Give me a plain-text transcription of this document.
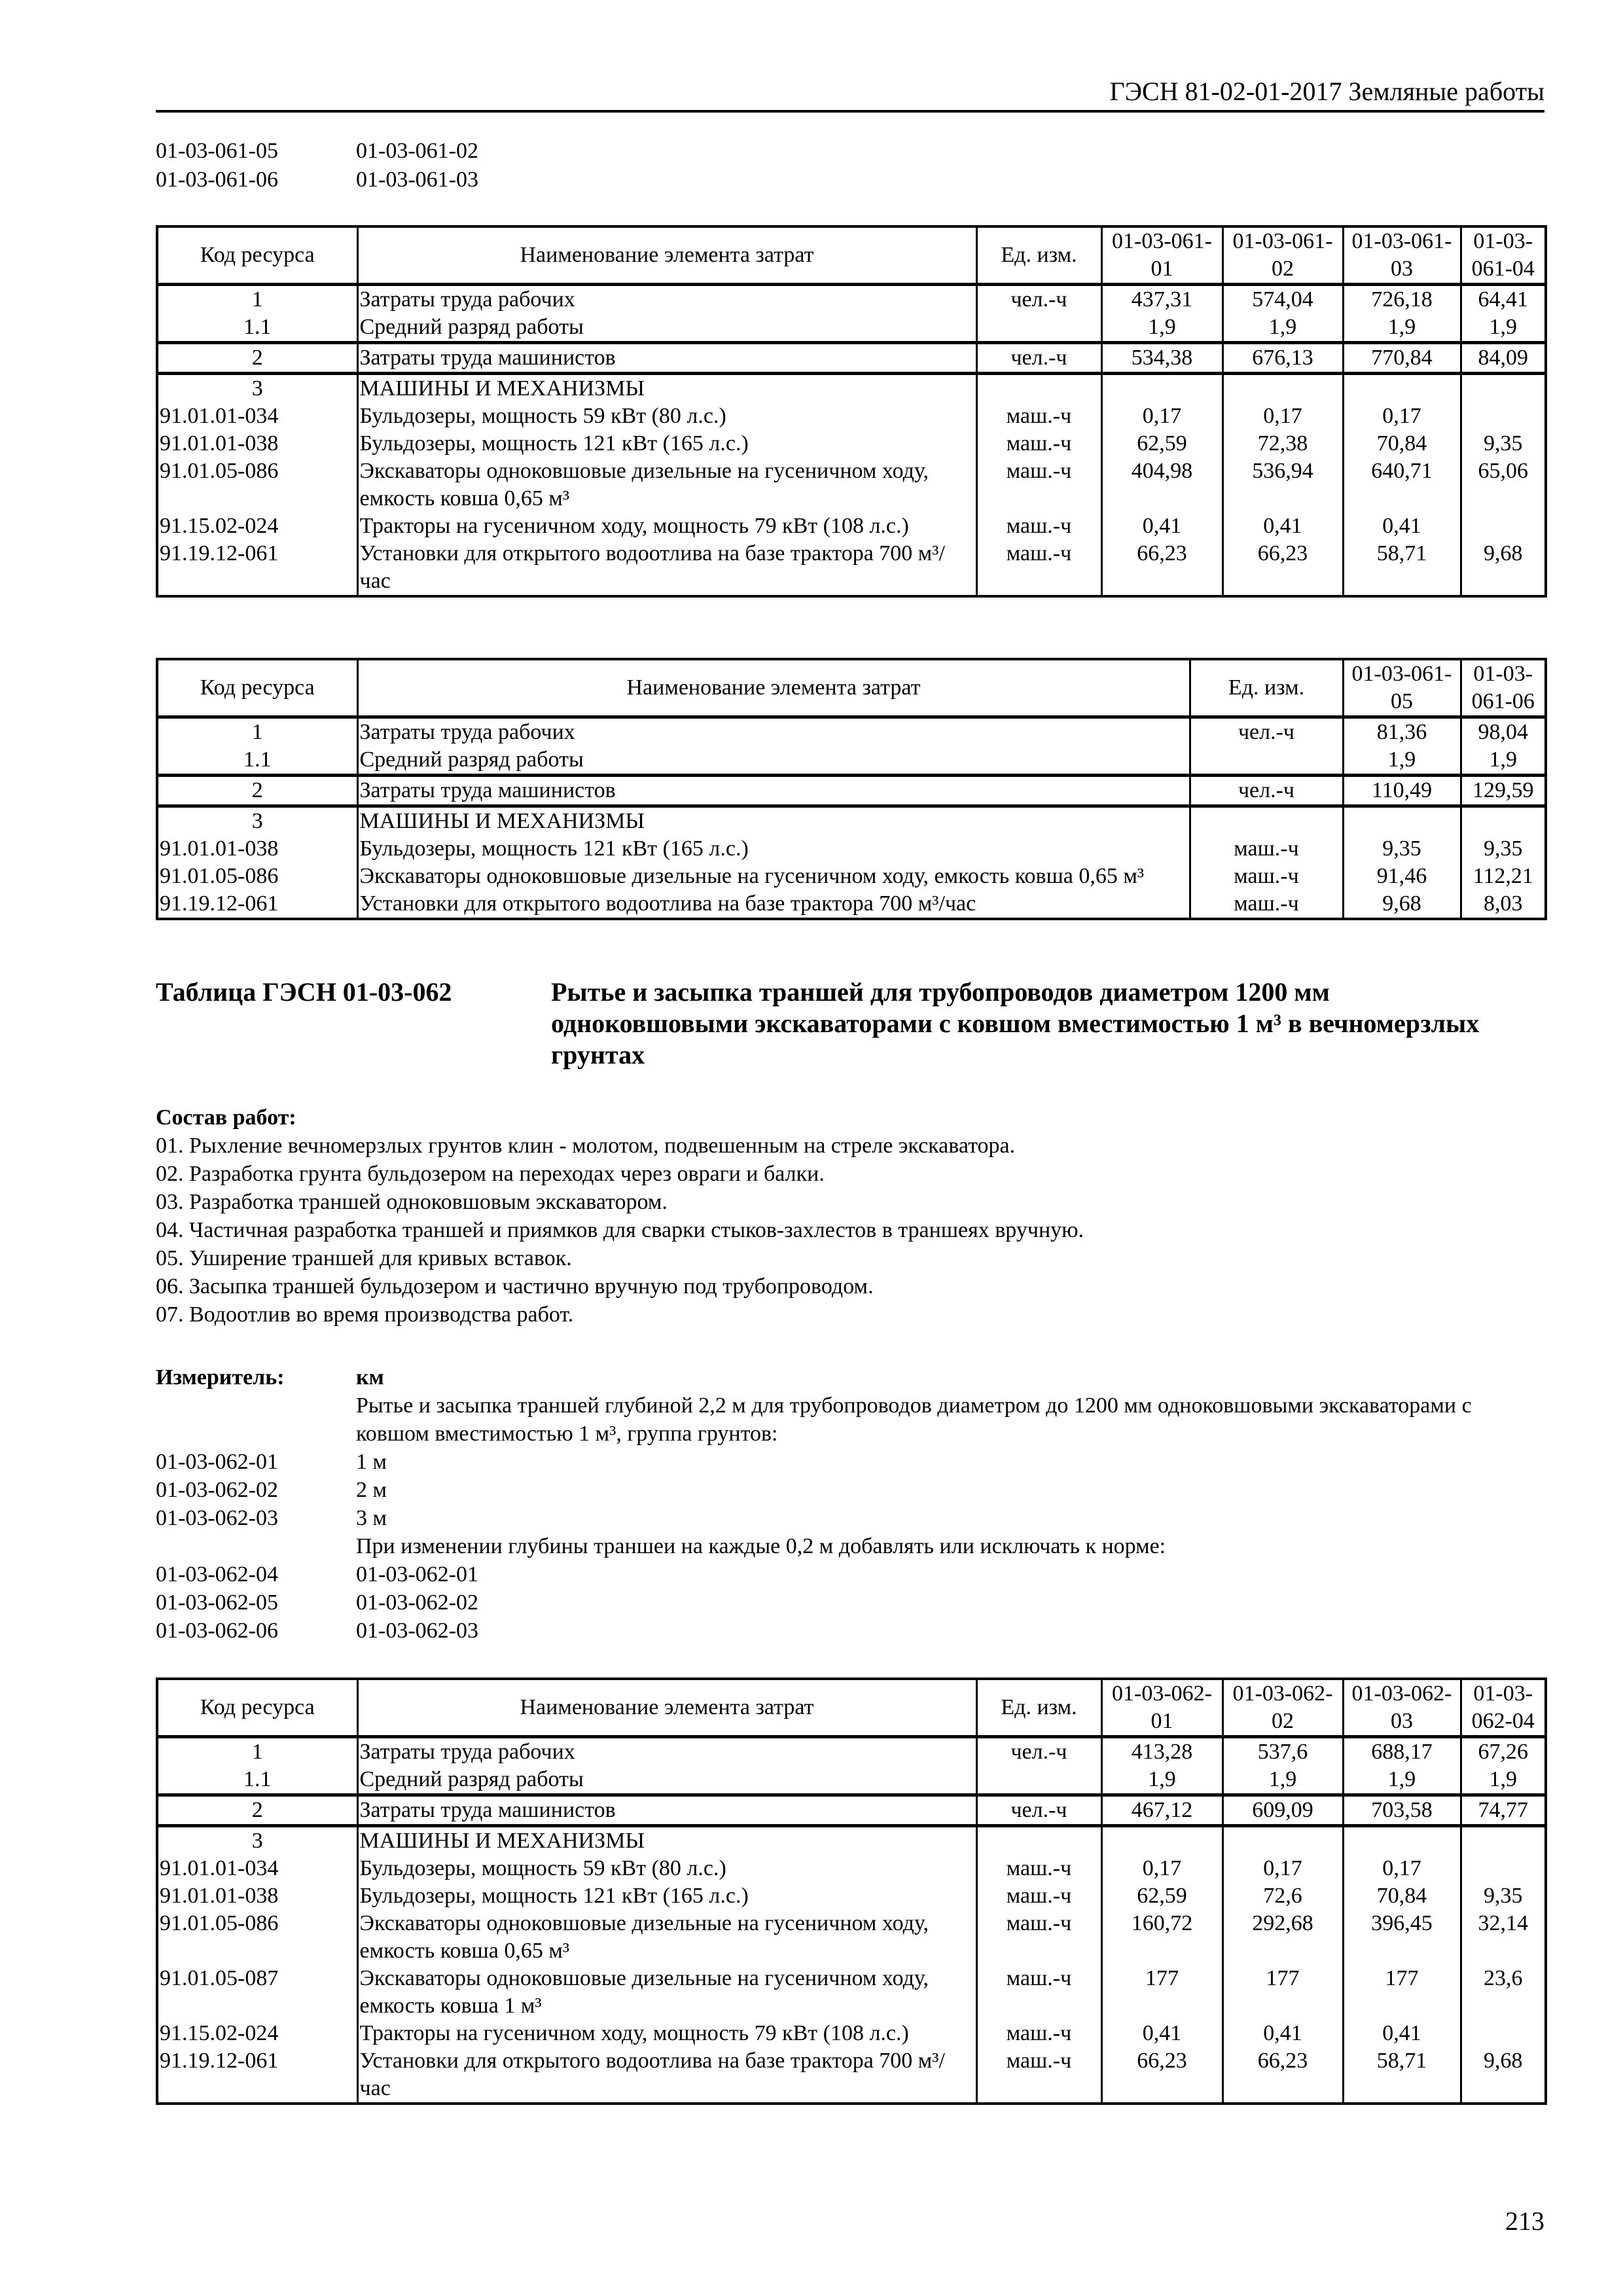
ГЭСН 81-02-01-2017 Земляные работы
01-03-061-05	01-03-061-02
01-03-061-06	01-03-061-03
Код ресурса	Наименование элемента затрат	Ед. изм.	01-03-061-01	01-03-061-02	01-03-061-03	01-03-061-04
1	Затраты труда рабочих	чел.-ч	437,31	574,04	726,18	64,41
1.1	Средний разряд работы		1,9	1,9	1,9	1,9
2	Затраты труда машинистов	чел.-ч	534,38	676,13	770,84	84,09
3	МАШИНЫ И МЕХАНИЗМЫ					
91.01.01-034	Бульдозеры, мощность 59 кВт (80 л.с.)	маш.-ч	0,17	0,17	0,17	
91.01.01-038	Бульдозеры, мощность 121 кВт (165 л.с.)	маш.-ч	62,59	72,38	70,84	9,35
91.01.05-086	Экскаваторы одноковшовые дизельные на гусеничном ходу, емкость ковша 0,65 м³	маш.-ч	404,98	536,94	640,71	65,06
91.15.02-024	Тракторы на гусеничном ходу, мощность 79 кВт (108 л.с.)	маш.-ч	0,41	0,41	0,41	
91.19.12-061	Установки для открытого водоотлива на базе трактора 700 м³/час	маш.-ч	66,23	66,23	58,71	9,68
Код ресурса	Наименование элемента затрат	Ед. изм.	01-03-061-05	01-03-061-06
1	Затраты труда рабочих	чел.-ч	81,36	98,04
1.1	Средний разряд работы		1,9	1,9
2	Затраты труда машинистов	чел.-ч	110,49	129,59
3	МАШИНЫ И МЕХАНИЗМЫ			
91.01.01-038	Бульдозеры, мощность 121 кВт (165 л.с.)	маш.-ч	9,35	9,35
91.01.05-086	Экскаваторы одноковшовые дизельные на гусеничном ходу, емкость ковша 0,65 м³	маш.-ч	91,46	112,21
91.19.12-061	Установки для открытого водоотлива на базе трактора 700 м³/час	маш.-ч	9,68	8,03
Таблица ГЭСН 01-03-062	Рытье и засыпка траншей для трубопроводов диаметром 1200 мм одноковшовыми экскаваторами с ковшом вместимостью 1 м³ в вечномерзлых грунтах
Состав работ:
01. Рыхление вечномерзлых грунтов клин - молотом, подвешенным на стреле экскаватора.
02. Разработка грунта бульдозером на переходах через овраги и балки.
03. Разработка траншей одноковшовым экскаватором.
04. Частичная разработка траншей и приямков для сварки стыков-захлестов в траншеях вручную.
05. Уширение траншей для кривых вставок.
06. Засыпка траншей бульдозером и частично вручную под трубопроводом.
07. Водоотлив во время производства работ.
Измеритель:	км
Рытье и засыпка траншей глубиной 2,2 м для трубопроводов диаметром до 1200 мм одноковшовыми экскаваторами с ковшом вместимостью 1 м³, группа грунтов:
01-03-062-01	1 м
01-03-062-02	2 м
01-03-062-03	3 м
При изменении глубины траншеи на каждые 0,2 м добавлять или исключать к норме:
01-03-062-04	01-03-062-01
01-03-062-05	01-03-062-02
01-03-062-06	01-03-062-03
Код ресурса	Наименование элемента затрат	Ед. изм.	01-03-062-01	01-03-062-02	01-03-062-03	01-03-062-04
1	Затраты труда рабочих	чел.-ч	413,28	537,6	688,17	67,26
1.1	Средний разряд работы		1,9	1,9	1,9	1,9
2	Затраты труда машинистов	чел.-ч	467,12	609,09	703,58	74,77
3	МАШИНЫ И МЕХАНИЗМЫ					
91.01.01-034	Бульдозеры, мощность 59 кВт (80 л.с.)	маш.-ч	0,17	0,17	0,17	
91.01.01-038	Бульдозеры, мощность 121 кВт (165 л.с.)	маш.-ч	62,59	72,6	70,84	9,35
91.01.05-086	Экскаваторы одноковшовые дизельные на гусеничном ходу, емкость ковша 0,65 м³	маш.-ч	160,72	292,68	396,45	32,14
91.01.05-087	Экскаваторы одноковшовые дизельные на гусеничном ходу, емкость ковша 1 м³	маш.-ч	177	177	177	23,6
91.15.02-024	Тракторы на гусеничном ходу, мощность 79 кВт (108 л.с.)	маш.-ч	0,41	0,41	0,41	
91.19.12-061	Установки для открытого водоотлива на базе трактора 700 м³/час	маш.-ч	66,23	66,23	58,71	9,68
213
